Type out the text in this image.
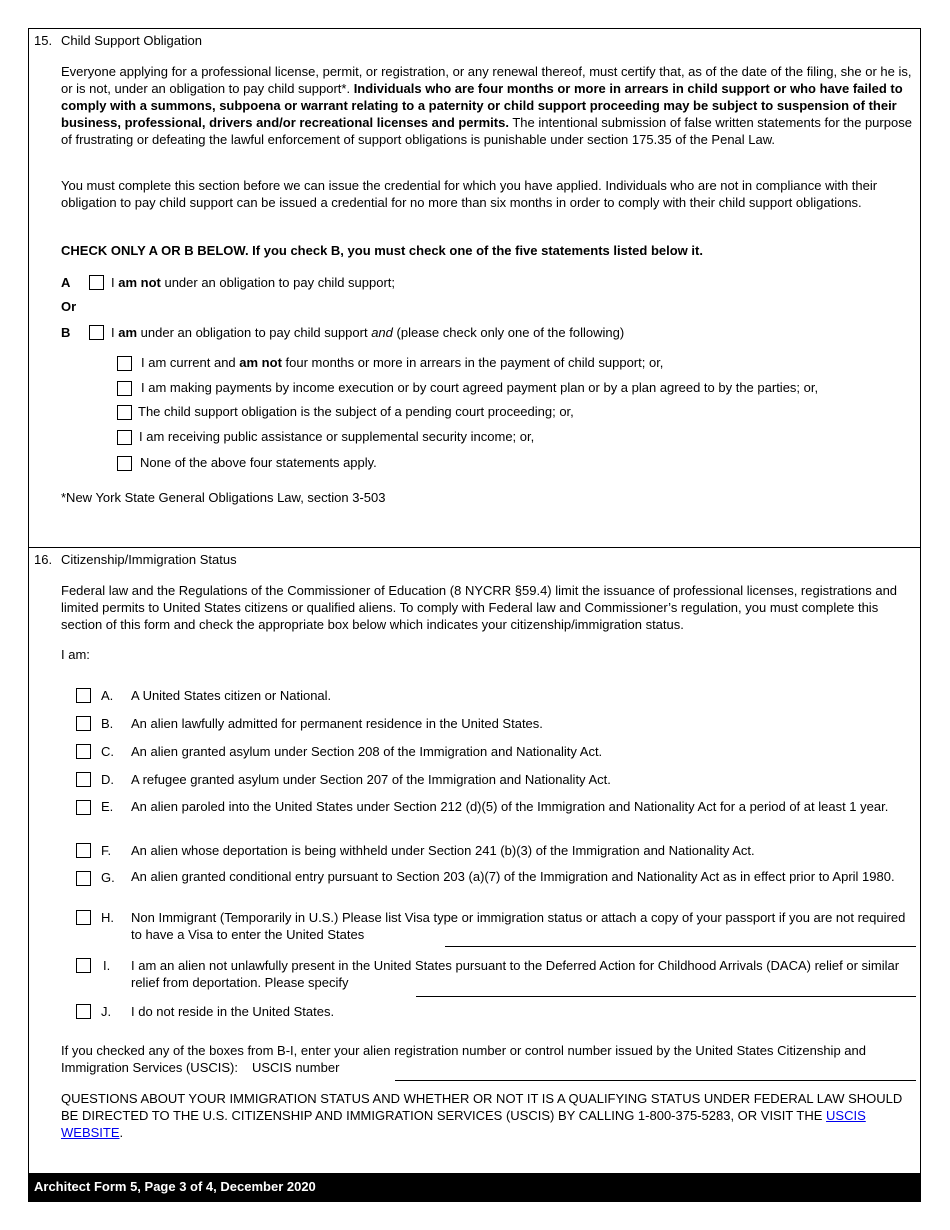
15. Child Support Obligation
Everyone applying for a professional license, permit, or registration, or any renewal thereof, must certify that, as of the date of the filing, she or he is, or is not, under an obligation to pay child support*. Individuals who are four months or more in arrears in child support or who have failed to comply with a summons, subpoena or warrant relating to a paternity or child support proceeding may be subject to suspension of their business, professional, drivers and/or recreational licenses and permits. The intentional submission of false written statements for the purpose of frustrating or defeating the lawful enforcement of support obligations is punishable under section 175.35 of the Penal Law.
You must complete this section before we can issue the credential for which you have applied. Individuals who are not in compliance with their obligation to pay child support can be issued a credential for no more than six months in order to comply with their child support obligations.
CHECK ONLY A OR B BELOW. If you check B, you must check one of the five statements listed below it.
A	I am not under an obligation to pay child support;
Or
B	I am under an obligation to pay child support and (please check only one of the following)
I am current and am not four months or more in arrears in the payment of child support; or,
I am making payments by income execution or by court agreed payment plan or by a plan agreed to by the parties; or,
The child support obligation is the subject of a pending court proceeding; or,
I am receiving public assistance or supplemental security income; or,
None of the above four statements apply.
*New York State General Obligations Law, section 3-503
16. Citizenship/Immigration Status
Federal law and the Regulations of the Commissioner of Education (8 NYCRR §59.4) limit the issuance of professional licenses, registrations and limited permits to United States citizens or qualified aliens. To comply with Federal law and Commissioner’s regulation, you must complete this section of this form and check the appropriate box below which indicates your citizenship/immigration status.
I am:
A. A United States citizen or National.
B. An alien lawfully admitted for permanent residence in the United States.
C. An alien granted asylum under Section 208 of the Immigration and Nationality Act.
D. A refugee granted asylum under Section 207 of the Immigration and Nationality Act.
E. An alien paroled into the United States under Section 212 (d)(5) of the Immigration and Nationality Act for a period of at least 1 year.
F. An alien whose deportation is being withheld under Section 241 (b)(3) of the Immigration and Nationality Act.
G. An alien granted conditional entry pursuant to Section 203 (a)(7) of the Immigration and Nationality Act as in effect prior to April 1980.
H. Non Immigrant (Temporarily in U.S.) Please list Visa type or immigration status or attach a copy of your passport if you are not required to have a Visa to enter the United States
I. I am an alien not unlawfully present in the United States pursuant to the Deferred Action for Childhood Arrivals (DACA) relief or similar relief from deportation. Please specify
J. I do not reside in the United States.
If you checked any of the boxes from B-I, enter your alien registration number or control number issued by the United States Citizenship and Immigration Services (USCIS): USCIS number
QUESTIONS ABOUT YOUR IMMIGRATION STATUS AND WHETHER OR NOT IT IS A QUALIFYING STATUS UNDER FEDERAL LAW SHOULD BE DIRECTED TO THE U.S. CITIZENSHIP AND IMMIGRATION SERVICES (USCIS) BY CALLING 1-800-375-5283, OR VISIT THE USCIS WEBSITE.
Architect Form 5, Page 3 of 4, December 2020
